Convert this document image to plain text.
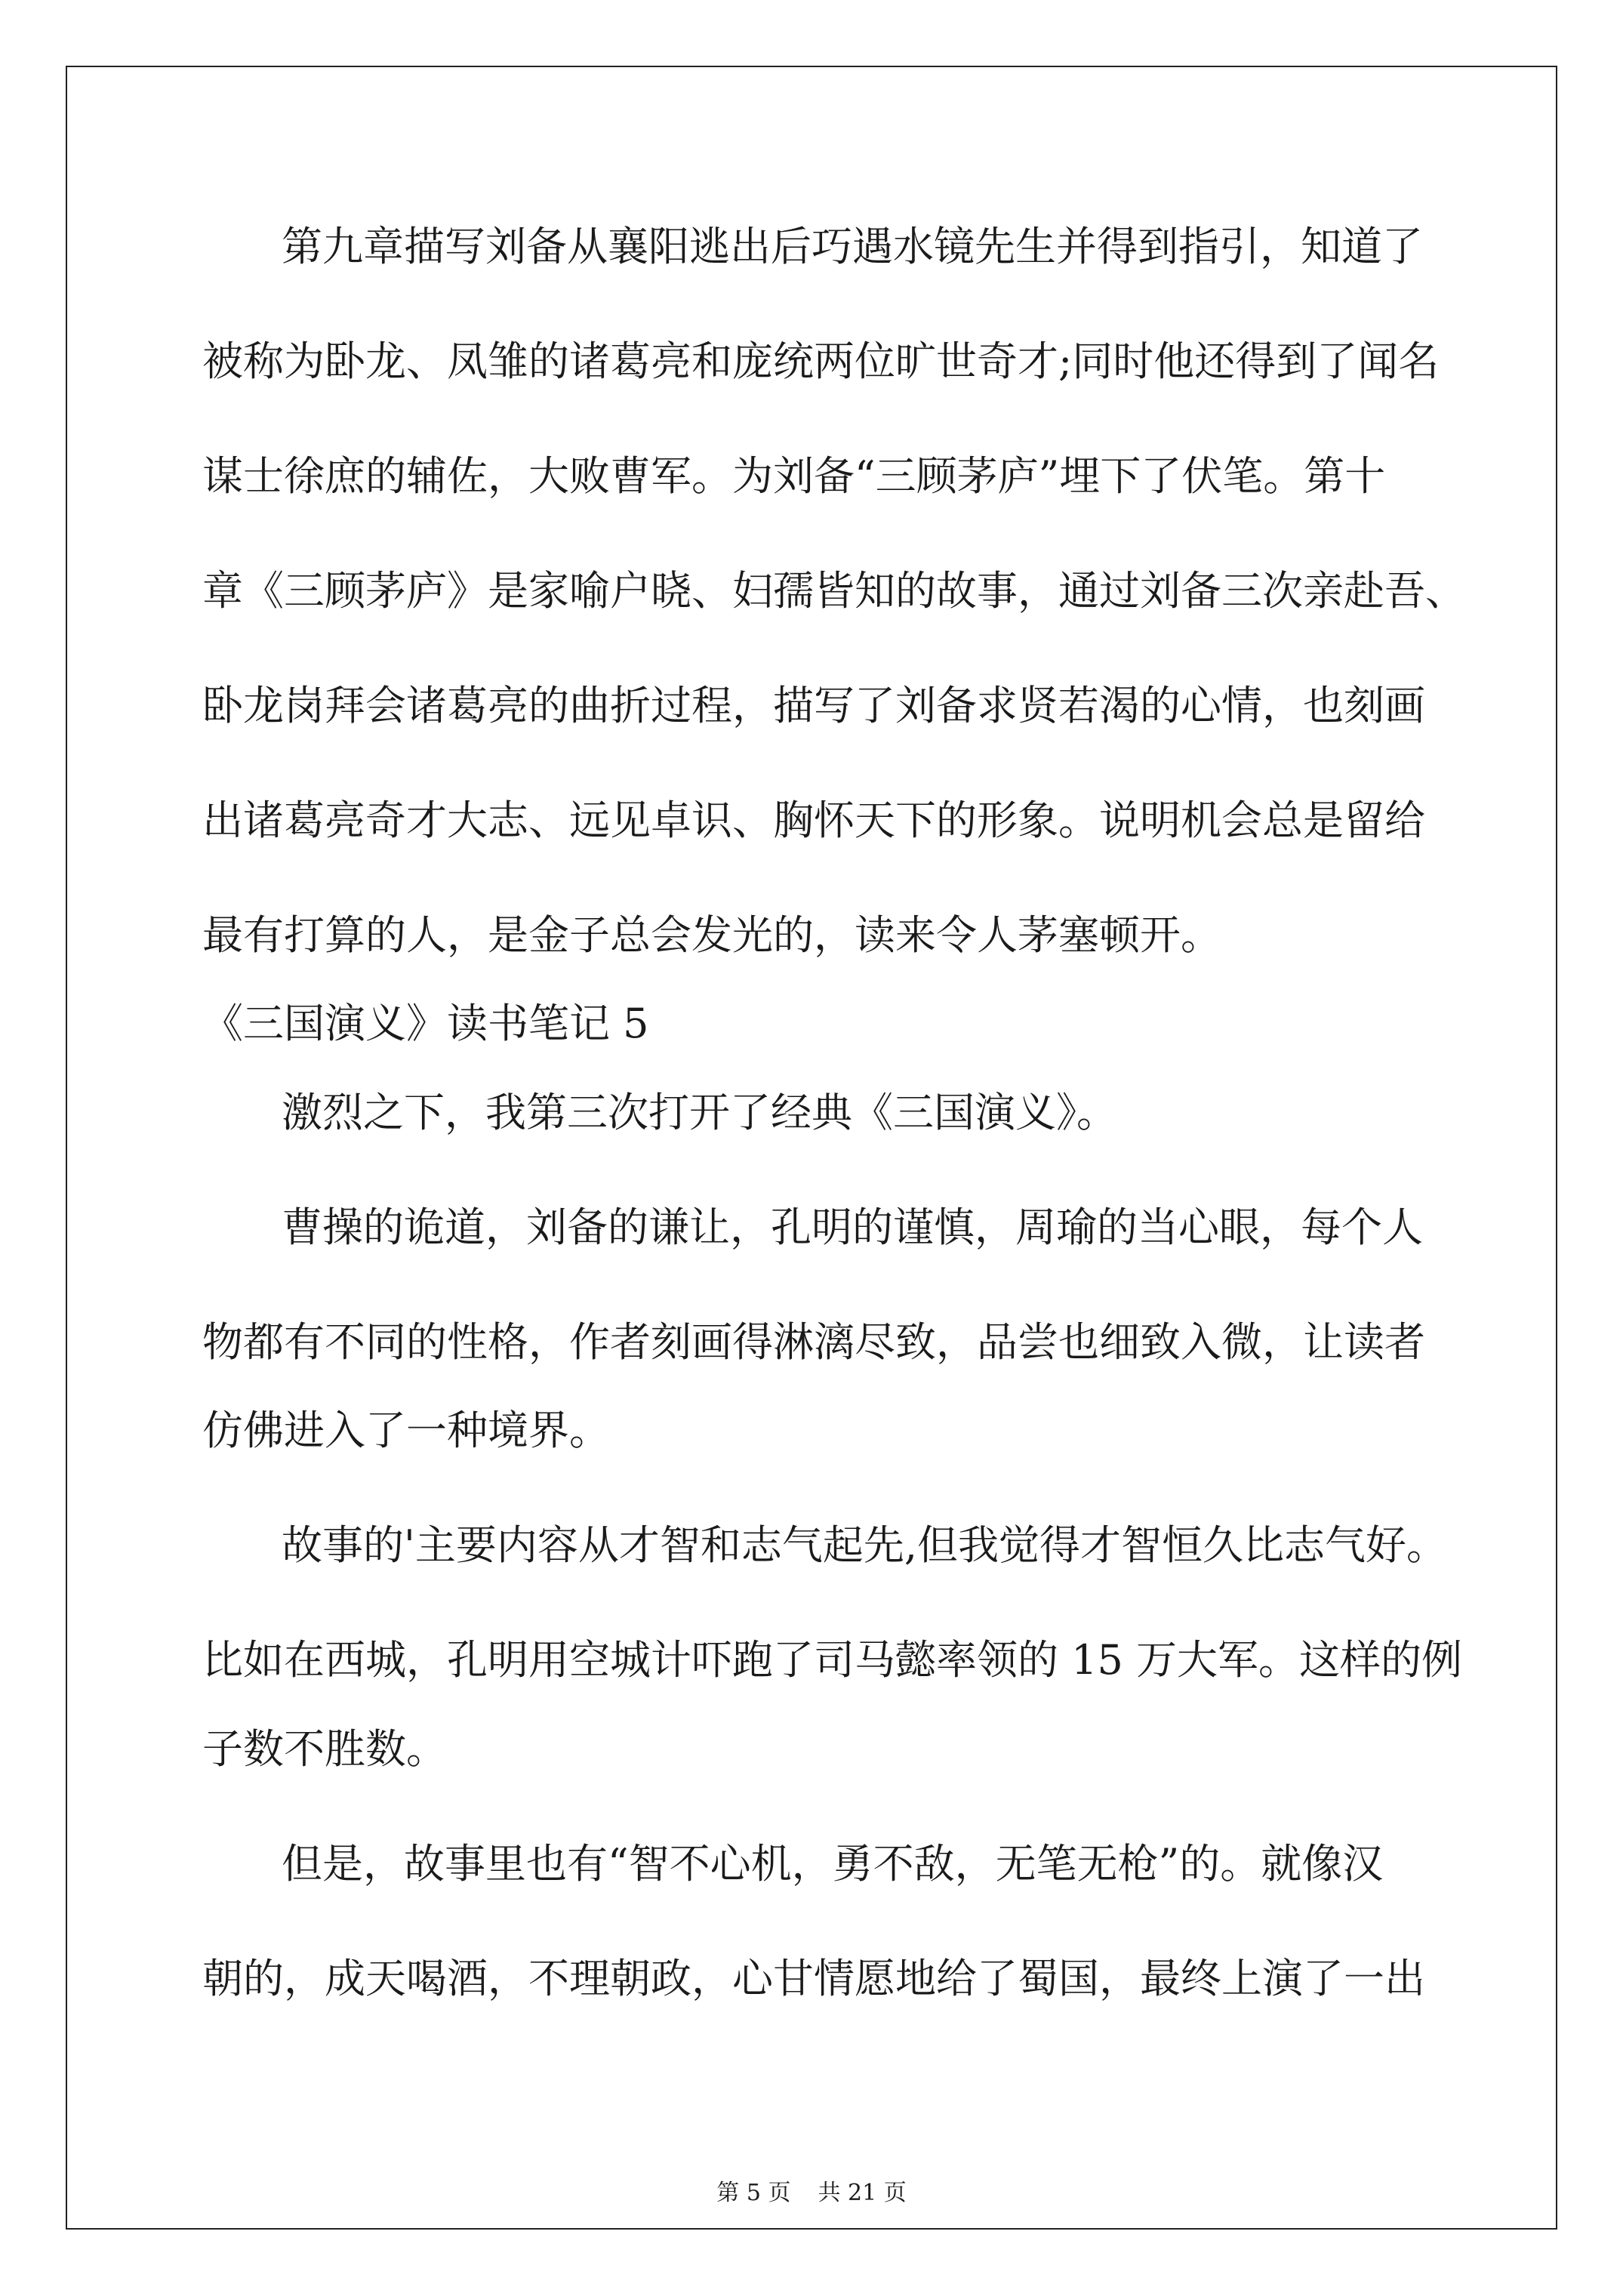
第九章描写刘备从襄阳逃出后巧遇水镜先生并得到指引，知道了
被称为卧龙、凤雏的诸葛亮和庞统两位旷世奇才;同时他还得到了闻名
谋士徐庶的辅佐，大败曹军。为刘备“三顾茅庐”埋下了伏笔。第十
章《三顾茅庐》是家喻户晓、妇孺皆知的故事，通过刘备三次亲赴吾、
卧龙岗拜会诸葛亮的曲折过程，描写了刘备求贤若渴的心情，也刻画
出诸葛亮奇才大志、远见卓识、胸怀天下的形象。说明机会总是留给
最有打算的人，是金子总会发光的，读来令人茅塞顿开。
《三国演义》读书笔记 5
激烈之下，我第三次打开了经典《三国演义》。
曹操的诡道，刘备的谦让，孔明的谨慎，周瑜的当心眼，每个人
物都有不同的性格，作者刻画得淋漓尽致，品尝也细致入微，让读者
仿佛进入了一种境界。
故事的'主要内容从才智和志气起先,但我觉得才智恒久比志气好。
比如在西城，孔明用空城计吓跑了司马懿率领的 15 万大军。这样的例
子数不胜数。
但是，故事里也有“智不心机，勇不敌，无笔无枪”的。就像汉
朝的，成天喝酒，不理朝政，心甘情愿地给了蜀国，最终上演了一出
第 5 页 共 21 页
